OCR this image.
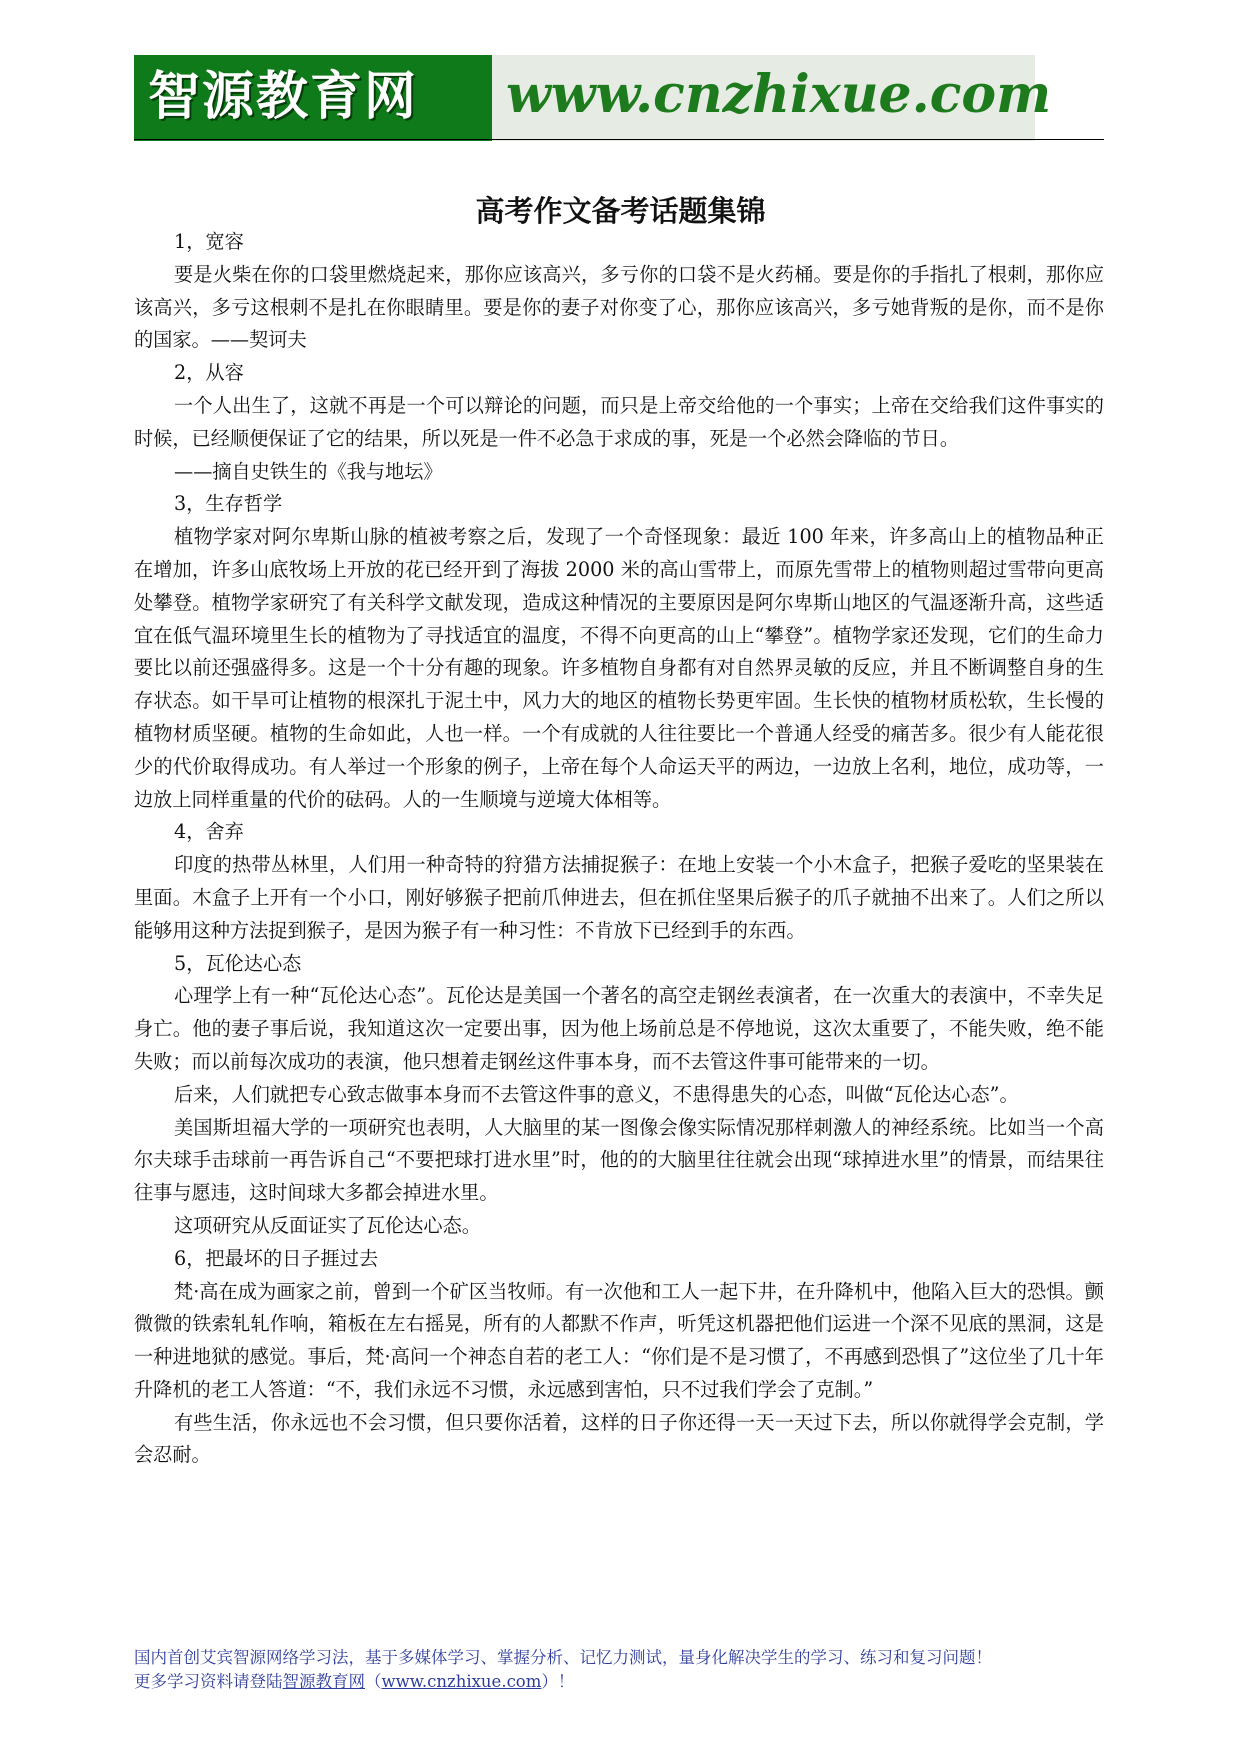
智源教育网 www.cnzhixue.com
高考作文备考话题集锦

1，宽容

要是火柴在你的口袋里燃烧起来，那你应该高兴，多亏你的口袋不是火药桶。要是你的手指扎了根刺，那你应该高兴，多亏这根刺不是扎在你眼睛里。要是你的妻子对你变了心，那你应该高兴，多亏她背叛的是你，而不是你的国家。——契诃夫

2，从容

一个人出生了，这就不再是一个可以辩论的问题，而只是上帝交给他的一个事实；上帝在交给我们这件事实的时候，已经顺便保证了它的结果，所以死是一件不必急于求成的事，死是一个必然会降临的节日。

——摘自史铁生的《我与地坛》

3，生存哲学

植物学家对阿尔卑斯山脉的植被考察之后，发现了一个奇怪现象：最近 100 年来，许多高山上的植物品种正在增加，许多山底牧场上开放的花已经开到了海拔 2000 米的高山雪带上，而原先雪带上的植物则超过雪带向更高处攀登。植物学家研究了有关科学文献发现，造成这种情况的主要原因是阿尔卑斯山地区的气温逐渐升高，这些适宜在低气温环境里生长的植物为了寻找适宜的温度，不得不向更高的山上“攀登”。植物学家还发现，它们的生命力要比以前还强盛得多。这是一个十分有趣的现象。许多植物自身都有对自然界灵敏的反应，并且不断调整自身的生存状态。如干旱可让植物的根深扎于泥土中，风力大的地区的植物长势更牢固。生长快的植物材质松软，生长慢的植物材质坚硬。植物的生命如此，人也一样。一个有成就的人往往要比一个普通人经受的痛苦多。很少有人能花很少的代价取得成功。有人举过一个形象的例子，上帝在每个人命运天平的两边，一边放上名利，地位，成功等，一边放上同样重量的代价的砝码。人的一生顺境与逆境大体相等。

4，舍弃

印度的热带丛林里，人们用一种奇特的狩猎方法捕捉猴子：在地上安装一个小木盒子，把猴子爱吃的坚果装在里面。木盒子上开有一个小口，刚好够猴子把前爪伸进去，但在抓住坚果后猴子的爪子就抽不出来了。人们之所以能够用这种方法捉到猴子，是因为猴子有一种习性：不肯放下已经到手的东西。

5，瓦伦达心态

心理学上有一种“瓦伦达心态”。瓦伦达是美国一个著名的高空走钢丝表演者，在一次重大的表演中，不幸失足身亡。他的妻子事后说，我知道这次一定要出事，因为他上场前总是不停地说，这次太重要了，不能失败，绝不能失败；而以前每次成功的表演，他只想着走钢丝这件事本身，而不去管这件事可能带来的一切。

后来，人们就把专心致志做事本身而不去管这件事的意义，不患得患失的心态，叫做“瓦伦达心态”。

美国斯坦福大学的一项研究也表明，人大脑里的某一图像会像实际情况那样刺激人的神经系统。比如当一个高尔夫球手击球前一再告诉自己“不要把球打进水里”时，他的的大脑里往往就会出现“球掉进水里”的情景，而结果往往事与愿违，这时间球大多都会掉进水里。

这项研究从反面证实了瓦伦达心态。

6，把最坏的日子捱过去

梵·高在成为画家之前，曾到一个矿区当牧师。有一次他和工人一起下井，在升降机中，他陷入巨大的恐惧。颤微微的铁索轧轧作响，箱板在左右摇晃，所有的人都默不作声，听凭这机器把他们运进一个深不见底的黑洞，这是一种进地狱的感觉。事后，梵·高问一个神态自若的老工人：“你们是不是习惯了，不再感到恐惧了”这位坐了几十年升降机的老工人答道：“不，我们永远不习惯，永远感到害怕，只不过我们学会了克制。”

有些生活，你永远也不会习惯，但只要你活着，这样的日子你还得一天一天过下去，所以你就得学会克制，学会忍耐。

国内首创艾宾智源网络学习法，基于多媒体学习、掌握分析、记忆力测试，量身化解决学生的学习、练习和复习问题！

更多学习资料请登陆智源教育网（www.cnzhixue.com）！
